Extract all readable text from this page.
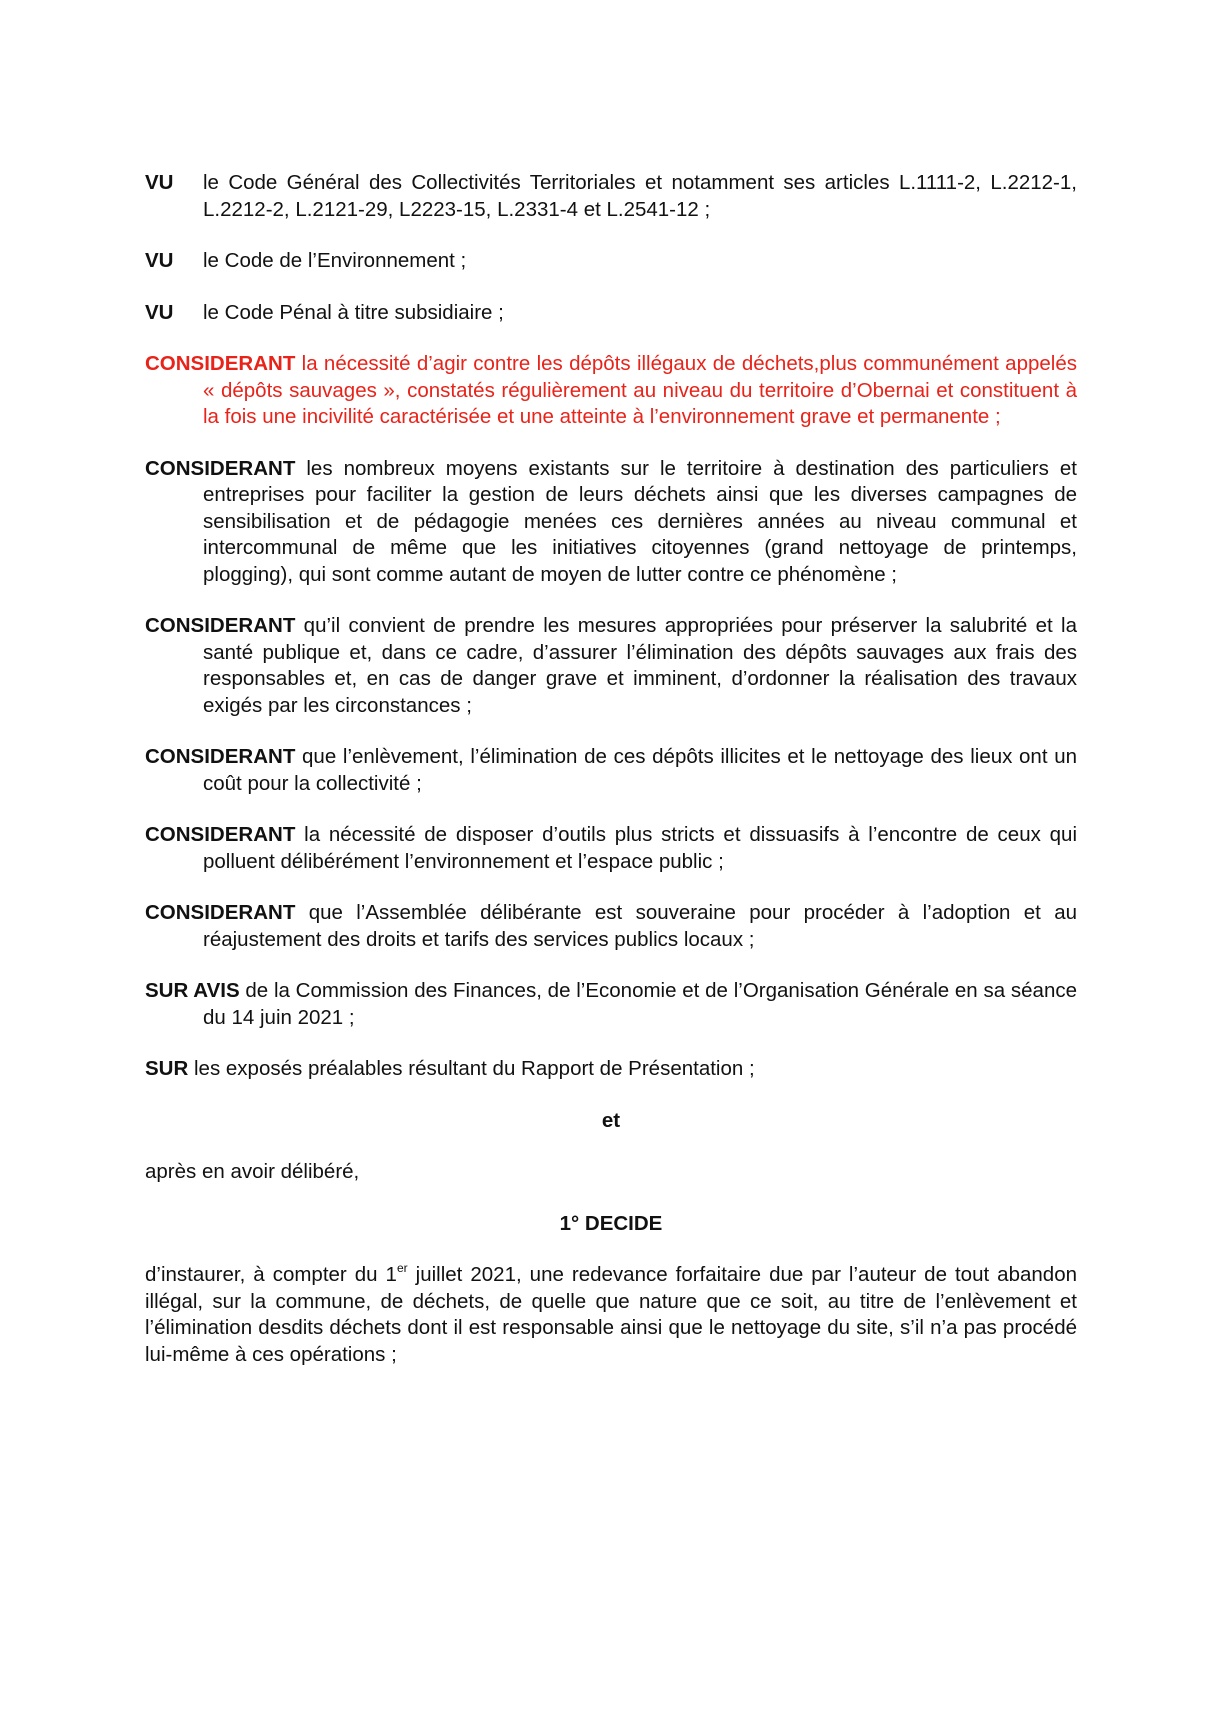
VU le Code Général des Collectivités Territoriales et notamment ses articles L.1111-2, L.2212-1, L.2212-2, L.2121-29, L2223-15, L.2331-4 et L.2541-12 ;

VU le Code de l’Environnement ;

VU le Code Pénal à titre subsidiaire ;

CONSIDERANT la nécessité d’agir contre les dépôts illégaux de déchets,plus communément appelés « dépôts sauvages », constatés régulièrement au niveau du territoire d’Obernai et constituent à la fois une incivilité caractérisée et une atteinte à l’environnement grave et permanente ;

CONSIDERANT les nombreux moyens existants sur le territoire à destination des particuliers et entreprises pour faciliter la gestion de leurs déchets ainsi que les diverses campagnes de sensibilisation et de pédagogie menées ces dernières années au niveau communal et intercommunal de même que les initiatives citoyennes (grand nettoyage de printemps, plogging), qui sont comme autant de moyen de lutter contre ce phénomène ;

CONSIDERANT qu’il convient de prendre les mesures appropriées pour préserver la salubrité et la santé publique et, dans ce cadre, d’assurer l’élimination des dépôts sauvages aux frais des responsables et, en cas de danger grave et imminent, d’ordonner la réalisation des travaux exigés par les circonstances ;

CONSIDERANT que l’enlèvement, l’élimination de ces dépôts illicites et le nettoyage des lieux ont un coût pour la collectivité ;

CONSIDERANT la nécessité de disposer d’outils plus stricts et dissuasifs à l’encontre de ceux qui polluent délibérément l’environnement et l’espace public ;

CONSIDERANT que l’Assemblée délibérante est souveraine pour procéder à l’adoption et au réajustement des droits et tarifs des services publics locaux ;

SUR AVIS de la Commission des Finances, de l’Economie et de l’Organisation Générale en sa séance du 14 juin 2021 ;

SUR les exposés préalables résultant du Rapport de Présentation ;

et

après en avoir délibéré,

1° DECIDE

d’instaurer, à compter du 1er juillet 2021, une redevance forfaitaire due par l’auteur de tout abandon illégal, sur la commune, de déchets, de quelle que nature que ce soit, au titre de l’enlèvement et l’élimination desdits déchets dont il est responsable ainsi que le nettoyage du site, s’il n’a pas procédé lui-même à ces opérations ;
